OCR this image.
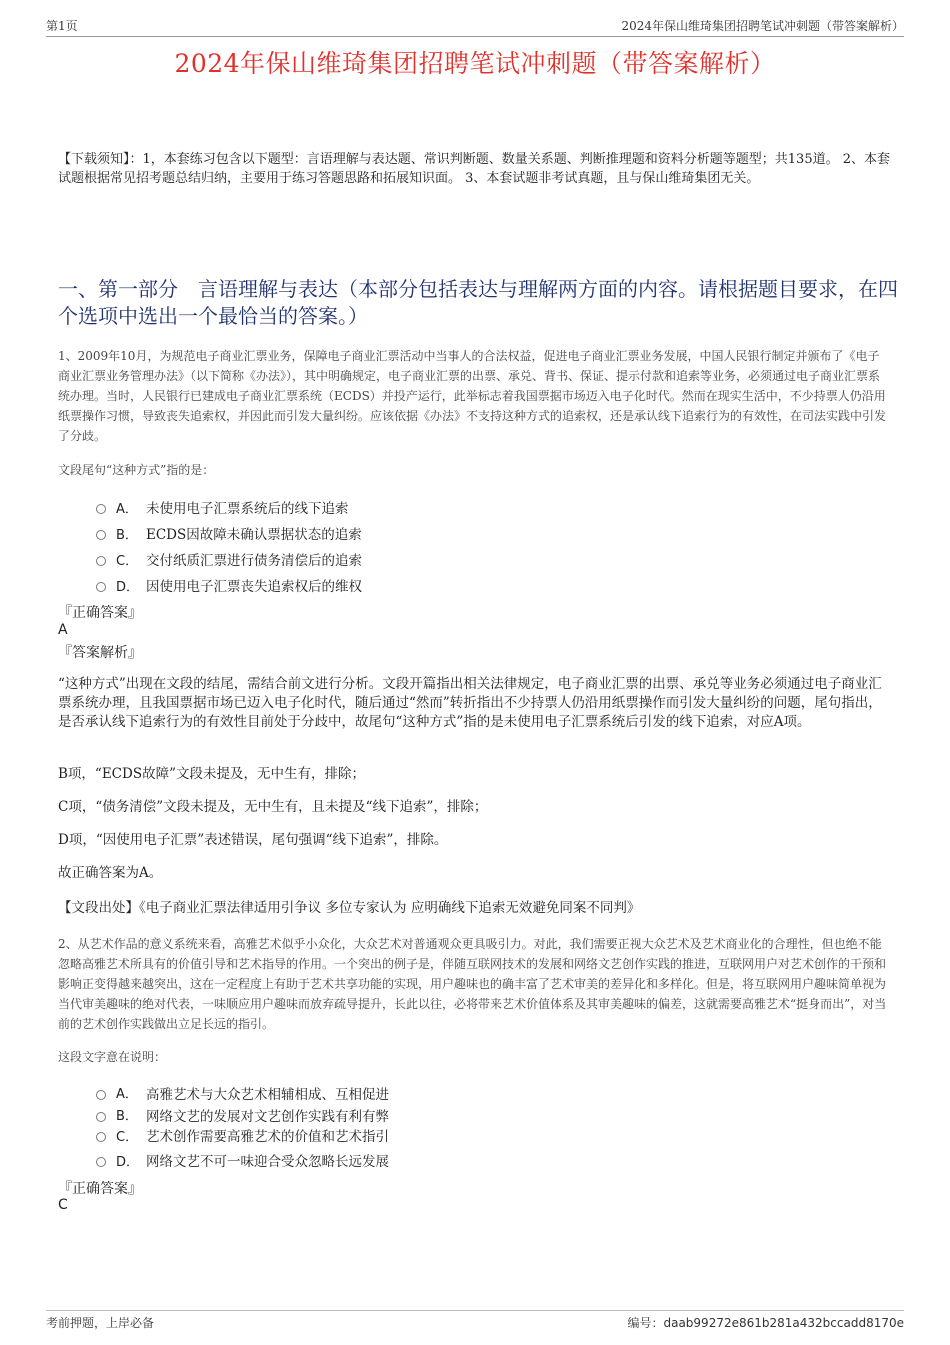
第1页	2024年保山维琦集团招聘笔试冲刺题（带答案解析）
2024年保山维琦集团招聘笔试冲刺题（带答案解析）
【下载须知】：1，本套练习包含以下题型：言语理解与表达题、常识判断题、数量关系题、判断推理题和资料分析题等题型；共135道。 2、本套试题根据常见招考题总结归纳，主要用于练习答题思路和拓展知识面。 3、本套试题非考试真题，且与保山维琦集团无关。
一、第一部分　言语理解与表达（本部分包括表达与理解两方面的内容。请根据题目要求，在四个选项中选出一个最恰当的答案。）
1、2009年10月，为规范电子商业汇票业务，保障电子商业汇票活动中当事人的合法权益，促进电子商业汇票业务发展，中国人民银行制定并颁布了《电子商业汇票业务管理办法》（以下简称《办法》），其中明确规定，电子商业汇票的出票、承兑、背书、保证、提示付款和追索等业务，必须通过电子商业汇票系统办理。当时，人民银行已建成电子商业汇票系统（ECDS）并投产运行，此举标志着我国票据市场迈入电子化时代。然而在现实生活中，不少持票人仍沿用纸票操作习惯，导致丧失追索权，并因此而引发大量纠纷。应该依据《办法》不支持这种方式的追索权，还是承认线下追索行为的有效性，在司法实践中引发了分歧。
文段尾句“这种方式”指的是：
A． 未使用电子汇票系统后的线下追索
B． ECDS因故障未确认票据状态的追索
C． 交付纸质汇票进行债务清偿后的追索
D． 因使用电子汇票丧失追索权后的维权
『正确答案』
A
『答案解析』
“这种方式”出现在文段的结尾，需结合前文进行分析。文段开篇指出相关法律规定，电子商业汇票的出票、承兑等业务必须通过电子商业汇票系统办理，且我国票据市场已迈入电子化时代，随后通过“然而”转折指出不少持票人仍沿用纸票操作而引发大量纠纷的问题，尾句指出，是否承认线下追索行为的有效性目前处于分歧中，故尾句“这种方式”指的是未使用电子汇票系统后引发的线下追索，对应A项。
B项，“ECDS故障”文段未提及，无中生有，排除；
C项，“债务清偿”文段未提及，无中生有，且未提及“线下追索”，排除；
D项，“因使用电子汇票”表述错误，尾句强调“线下追索”，排除。
故正确答案为A。
【文段出处】《电子商业汇票法律适用引争议 多位专家认为 应明确线下追索无效避免同案不同判》
2、从艺术作品的意义系统来看，高雅艺术似乎小众化，大众艺术对普通观众更具吸引力。对此，我们需要正视大众艺术及艺术商业化的合理性，但也绝不能忽略高雅艺术所具有的价值引导和艺术指导的作用。一个突出的例子是，伴随互联网技术的发展和网络文艺创作实践的推进，互联网用户对艺术创作的干预和影响正变得越来越突出，这在一定程度上有助于艺术共享功能的实现，用户趣味也的确丰富了艺术审美的差异化和多样化。但是，将互联网用户趣味简单视为当代审美趣味的绝对代表，一味顺应用户趣味而放弃疏导提升，长此以往，必将带来艺术价值体系及其审美趣味的偏差，这就需要高雅艺术“挺身而出”，对当前的艺术创作实践做出立足长远的指引。
这段文字意在说明：
A． 高雅艺术与大众艺术相辅相成、互相促进
B． 网络文艺的发展对文艺创作实践有利有弊
C． 艺术创作需要高雅艺术的价值和艺术指引
D． 网络文艺不可一味迎合受众忽略长远发展
『正确答案』
C
考前押题，上岸必备	编号：daab99272e861b281a432bccadd8170e
